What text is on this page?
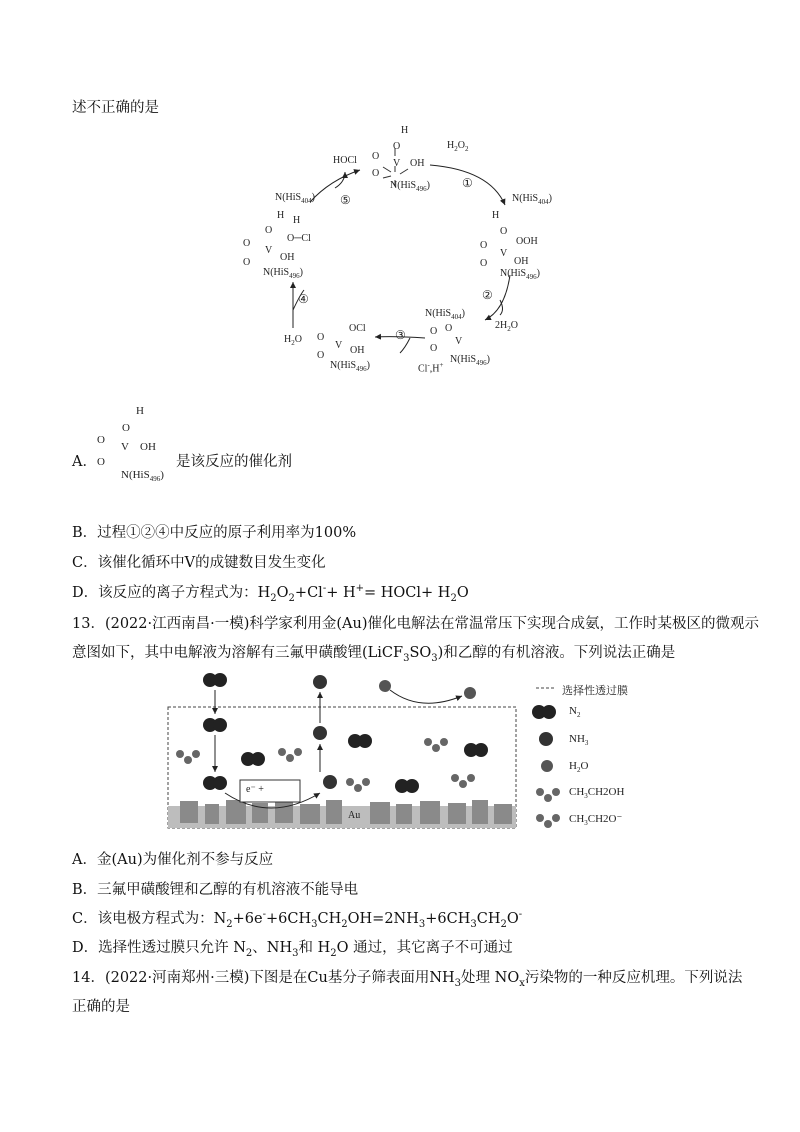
述不正确的是
H
O
V OH
O
O
N(HiS$_{496}$)
HOCl
$H_2O_2$
N(HiS$_{404}$)
H
O
V
OOH
OH
O
O
N(HiS$_{496}$)
$2H_2O$
N(HiS$_{404}$)
O
V
O
O
N(HiS$_{496}$)
Cl-,H+
OCl
V OH
O
O
N(HiS$_{496}$)
$H_2O$
N(HiS$_{404}$)
H
O
H
O─Cl
V
OH
O
O
N(HiS$_{496}$)
⑤
①
②
③
④
A．
H
O
V OH
O
O
N(HiS$_{496}$)
是该反应的催化剂
B．过程①②④中反应的原子利用率为100%
C．该催化循环中V的成键数目发生变化
D．该反应的离子方程式为：$H_2O_2+Cl^-+ H^+=$ HOCl+ $H_2O$
13．(2022·江西南昌·一模)科学家利用金(Au)催化电解法在常温常压下实现合成氨，工作时某极区的微观示
意图如下，其中电解液为溶解有三氟甲磺酸锂$(LiCF_3SO_3)$和乙醇的有机溶液。下列说法正确是
e⁻ +
Au
选择性透过膜
$N_2$
$NH_3$
$H_2O$
$CH_3CH2OH$
$CH_3CH2O^-$
A．金(Au)为催化剂不参与反应
B．三氟甲磺酸锂和乙醇的有机溶液不能导电
C．该电极方程式为：$N_2+6e^-+6CH_3CH_2OH=2NH_3+6CH_3CH_2O^-$
D．选择性透过膜只允许 $N_2$、$NH_3$和 $H_2O$ 通过，其它离子不可通过
14．(2022·河南郑州·三模)下图是在Cu基分子筛表面用$NH_3$处理 $NO_x$污染物的一种反应机理。下列说法
正确的是
